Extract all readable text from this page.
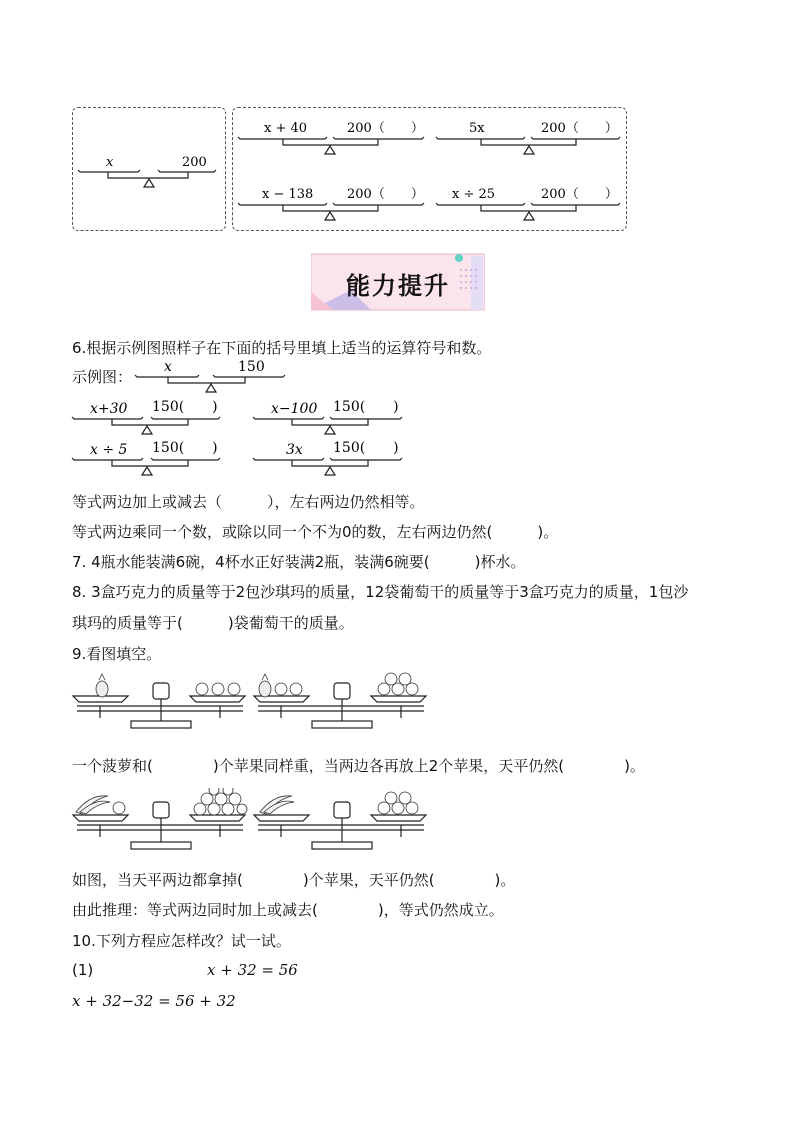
x	200
x + 40	200（　　）	5x	200（　　）
x − 138	200（　　） x ÷ 25	200（　　）
能力提升
6.根据示例图照样子在下面的括号里填上适当的运算符号和数。
示例图：
x	150
x+30 150(　　)	x−100 150(　　)
x ÷ 5 150(　　)	3x 150(　　)
等式两边加上或减去（　　　），左右两边仍然相等。
等式两边乘同一个数，或除以同一个不为0的数，左右两边仍然(　　　)。
7. 4瓶水能装满6碗，4杯水正好装满2瓶，装满6碗要(　　　)杯水。
8. 3盒巧克力的质量等于2包沙琪玛的质量，12袋葡萄干的质量等于3盒巧克力的质量，1包沙
琪玛的质量等于(　　　)袋葡萄干的质量。
9.看图填空。
一个菠萝和(　　　　)个苹果同样重，当两边各再放上2个苹果，天平仍然(　　　　)。
如图，当天平两边都拿掉(　　　　)个苹果，天平仍然(　　　　)。
由此推理：等式两边同时加上或减去(　　　　)，等式仍然成立。
10.下列方程应怎样改？试一试。
(1)	x + 32 = 56
x + 32−32 = 56 + 32
